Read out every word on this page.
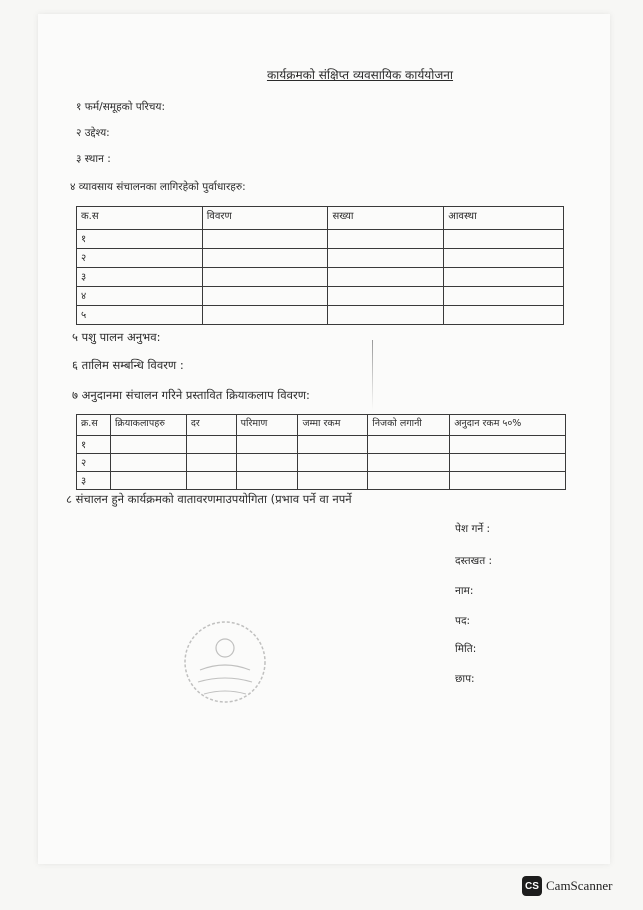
कार्यक्रमको संक्षिप्त व्यवसायिक कार्ययोजना
१ फर्म/समूहको परिचय:
२ उद्देश्य:
३ स्थान :
४ व्यावसाय संचालनका लागिरहेको पुर्वाधारहरु:
क.स	विवरण	सख्या	आवस्था
१			
२			
३			
४			
५			
५ पशु पालन अनुभव:
६ तालिम सम्बन्धि विवरण :
७ अनुदानमा संचालन गरिने प्रस्तावित क्रियाकलाप विवरण:
क्र.स	क्रियाकलापहरु	दर	परिमाण	जम्मा रकम	निजको लगानी	अनुदान रकम ५०%
१						
२						
३						
८ संचालन हुने कार्यक्रमको वातावरणमाउपयोगिता (प्रभाव पर्ने वा नपर्ने
पेश गर्ने :
दस्तखत :
नाम:
पद:
मिति:
छाप:
CS CamScanner
